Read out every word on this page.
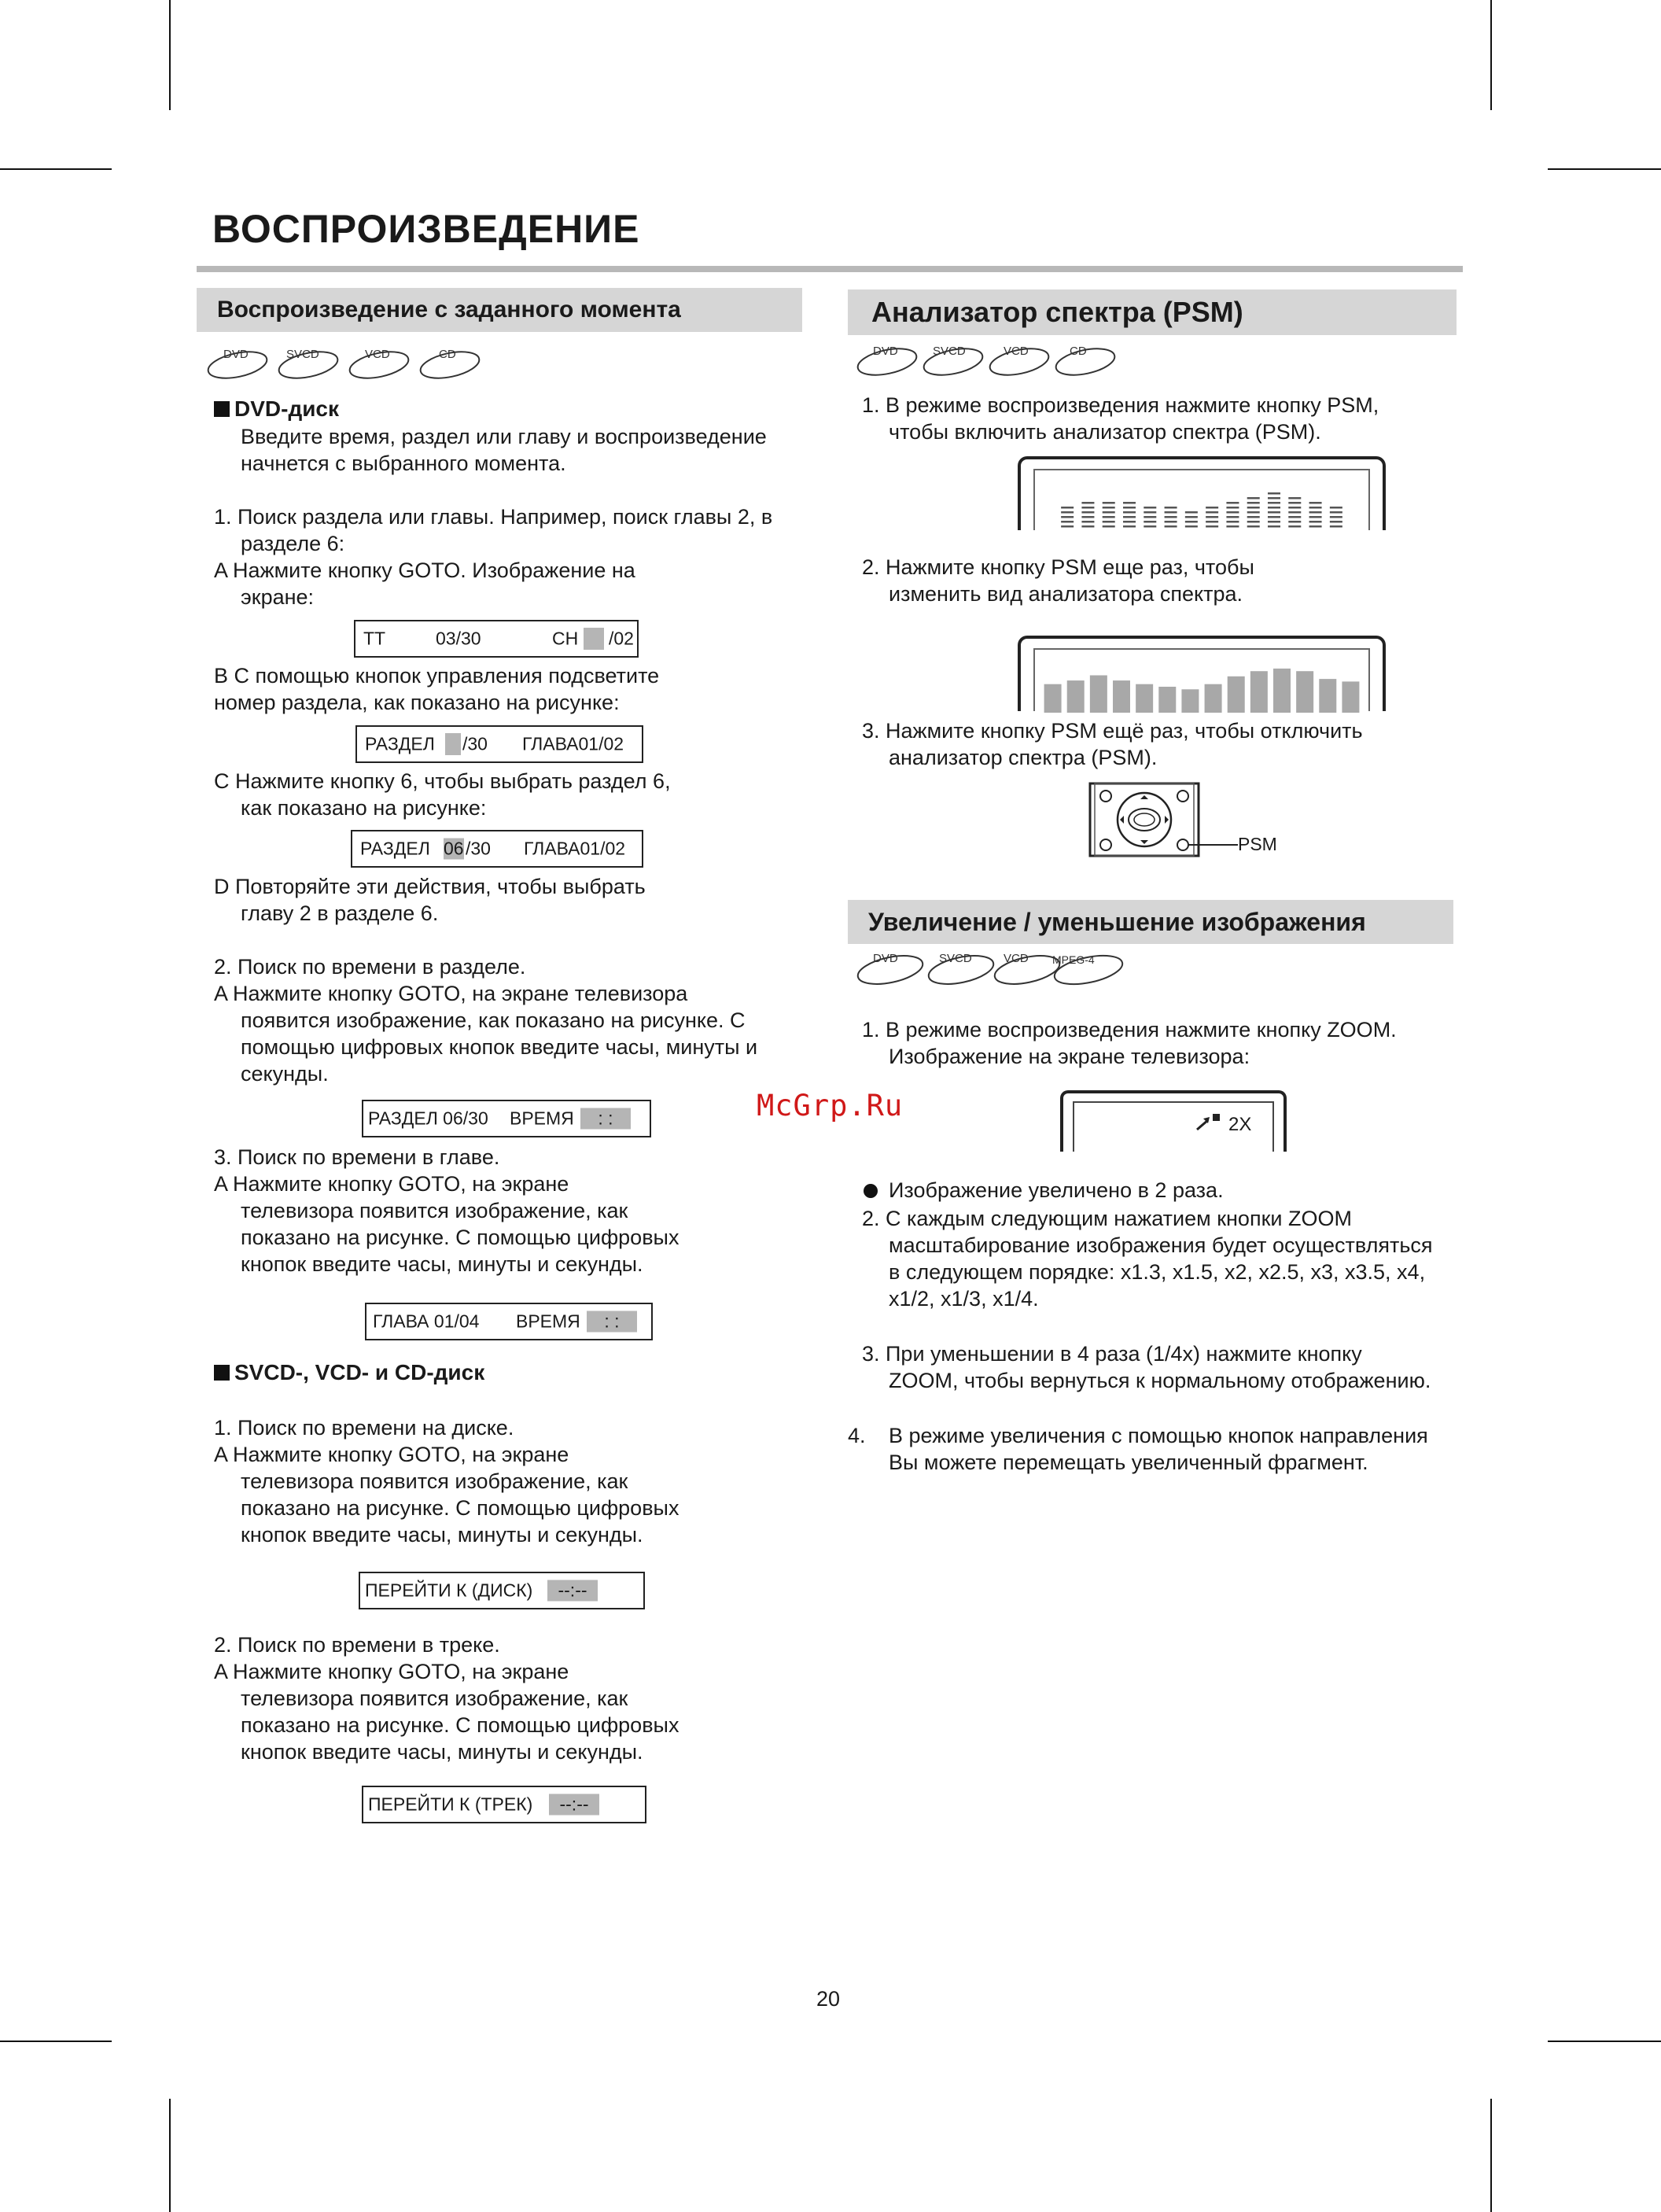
ВОСПРОИЗВЕДЕНИЕ
Воспроизведение с заданного момента
DVD	SVCD	VCD	CD
DVD-диск
Введите время, раздел или главу и воспроизведение
начнется с выбранного момента.
1. Поиск раздела или главы. Например, поиск главы 2, в
разделе 6:
A Нажмите кнопку GOTO. Изображение на
экране:
TT	03/30	CH /02
B С помощью кнопок управления подсветите
номер раздела, как показано на рисунке:
РАЗДЕЛ /30 ГЛАВА01/02
C Нажмите кнопку 6, чтобы выбрать раздел 6,
как показано на рисунке:
РАЗДЕЛ 06 /30 ГЛАВА01/02
D Повторяйте эти действия, чтобы выбрать
главу 2 в разделе 6.
2. Поиск по времени в разделе.
A Нажмите кнопку GOTO, на экране телевизора
появится изображение, как показано на рисунке. С
помощью цифровых кнопок введите часы, минуты и
секунды.
РАЗДЕЛ 06/30 ВРЕМЯ	: :
3. Поиск по времени в главе.
A Нажмите кнопку GOTO, на экране
телевизора появится изображение, как
показано на рисунке. С помощью цифровых
кнопок введите часы, минуты и секунды.
ГЛАВА 01/04 ВРЕМЯ	: :
SVCD-, VCD- и CD-диск
1. Поиск по времени на диске.
A Нажмите кнопку GOTO, на экране
телевизора появится изображение, как
показано на рисунке. С помощью цифровых
кнопок введите часы, минуты и секунды.
ПЕРЕЙТИ К (ДИСК)	--:--
2. Поиск по времени в треке.
A Нажмите кнопку GOTO, на экране
телевизора появится изображение, как
показано на рисунке. С помощью цифровых
кнопок введите часы, минуты и секунды.
ПЕРЕЙТИ К (ТРЕК)	--:--
Анализатор спектра (PSM)
DVD	SVCD	VCD	CD
1. В режиме воспроизведения нажмите кнопку PSM,
чтобы включить анализатор спектра (PSM).
2. Нажмите кнопку PSM еще раз, чтобы
изменить вид анализатора спектра.
3. Нажмите кнопку PSM ещё раз, чтобы отключить
анализатор спектра (PSM).
PSM
Увеличение / уменьшение изображения
DVD	SVCD	VCD MPEG-4
1. В режиме воспроизведения нажмите кнопку ZOOM.
Изображение на экране телевизора:
2X
Изображение увеличено в 2 раза.
2. С каждым следующим нажатием кнопки ZOOM
масштабирование изображения будет осуществляться
в следующем порядке: x1.3, x1.5, x2, x2.5, x3, x3.5, x4,
x1/2, x1/3, x1/4.
3. При уменьшении в 4 раза (1/4x) нажмите кнопку
ZOOM, чтобы вернуться к нормальному отображению.
4. В режиме увеличения с помощью кнопок направления
Вы можете перемещать увеличенный фрагмент.
McGrp.Ru
20
